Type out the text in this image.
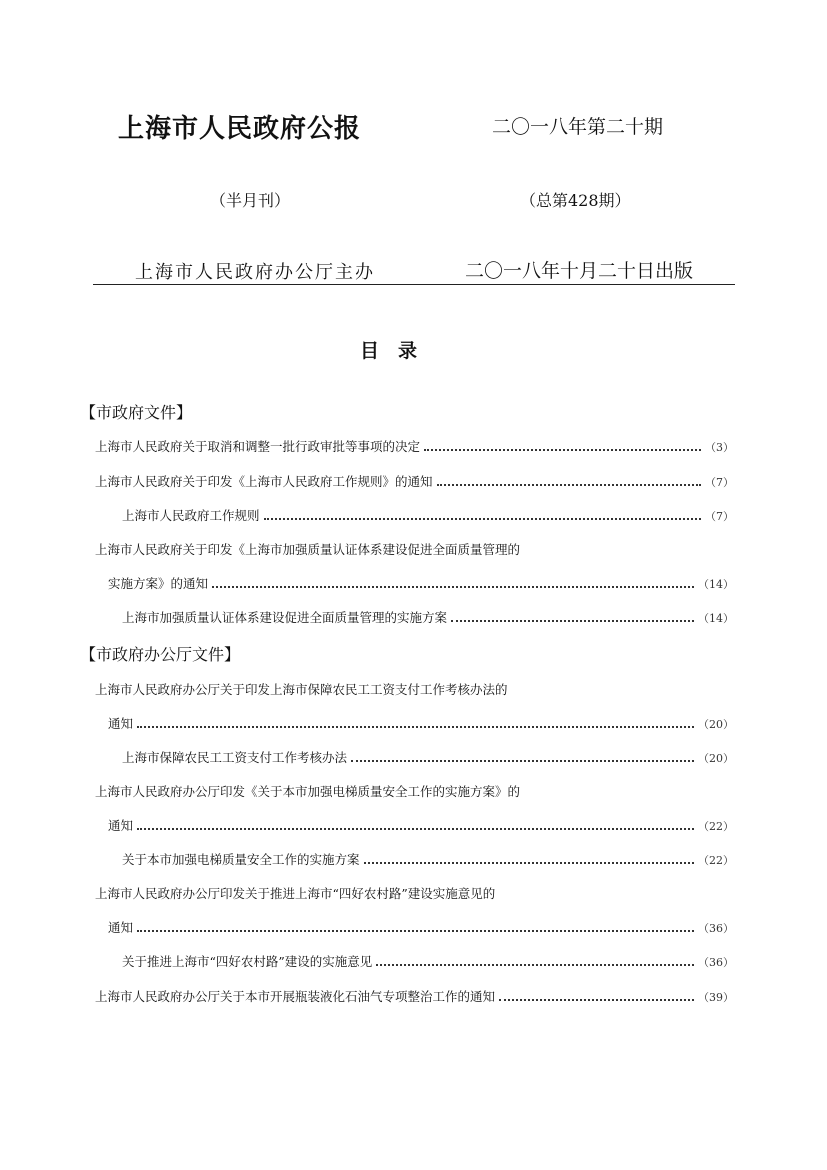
上海市人民政府公报	二〇一八年第二十期
（半月刊）	（总第428期）
上海市人民政府办公厅主办	二〇一八年十月二十日出版
目　录
【市政府文件】
【市政府办公厅文件】
上海市人民政府关于取消和调整一批行政审批等事项的决定	（3）
上海市人民政府关于印发《上海市人民政府工作规则》的通知	（7）
上海市人民政府工作规则	（7）
上海市人民政府关于印发《上海市加强质量认证体系建设促进全面质量管理的
实施方案》的通知	（14）
上海市加强质量认证体系建设促进全面质量管理的实施方案	（14）
上海市人民政府办公厅关于印发上海市保障农民工工资支付工作考核办法的
通知	（20）
上海市保障农民工工资支付工作考核办法	（20）
上海市人民政府办公厅印发《关于本市加强电梯质量安全工作的实施方案》的
通知	（22）
关于本市加强电梯质量安全工作的实施方案	（22）
上海市人民政府办公厅印发关于推进上海市“四好农村路”建设实施意见的
通知	（36）
关于推进上海市“四好农村路”建设的实施意见	（36）
上海市人民政府办公厅关于本市开展瓶装液化石油气专项整治工作的通知	（39）
